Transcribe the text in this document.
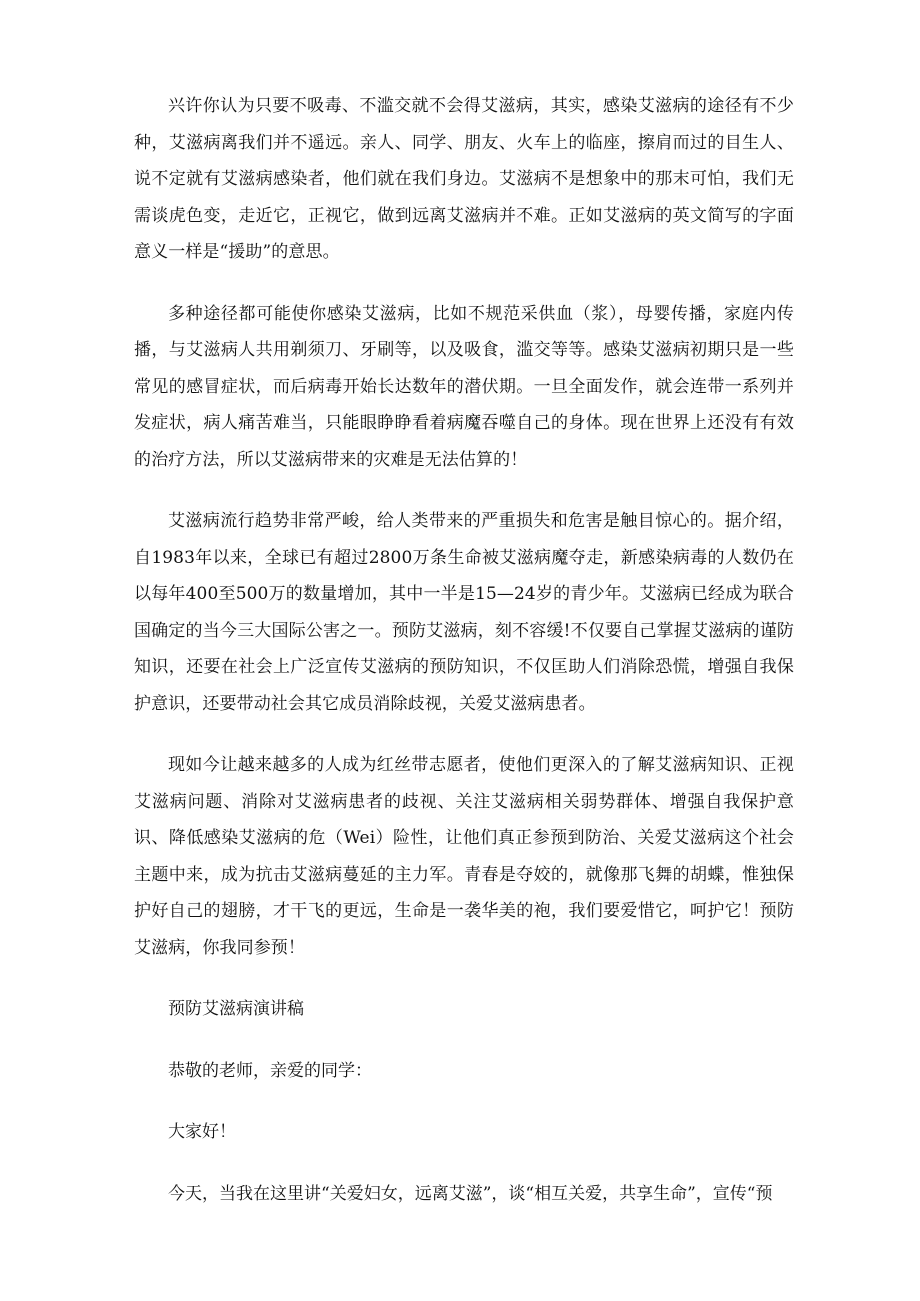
兴许你认为只要不吸毒、不滥交就不会得艾滋病，其实，感染艾滋病的途径有不少种，艾滋病离我们并不遥远。亲人、同学、朋友、火车上的临座，擦肩而过的目生人、说不定就有艾滋病感染者，他们就在我们身边。艾滋病不是想象中的那末可怕，我们无需谈虎色变，走近它，正视它，做到远离艾滋病并不难。正如艾滋病的英文简写的字面意义一样是“援助”的意思。

多种途径都可能使你感染艾滋病，比如不规范采供血（浆），母婴传播，家庭内传播，与艾滋病人共用剃须刀、牙刷等，以及吸食，滥交等等。感染艾滋病初期只是一些常见的感冒症状，而后病毒开始长达数年的潜伏期。一旦全面发作，就会连带一系列并发症状，病人痛苦难当，只能眼睁睁看着病魔吞噬自己的身体。现在世界上还没有有效的治疗方法，所以艾滋病带来的灾难是无法估算的！

艾滋病流行趋势非常严峻，给人类带来的严重损失和危害是触目惊心的。据介绍，自1983年以来，全球已有超过2800万条生命被艾滋病魔夺走，新感染病毒的人数仍在以每年400至500万的数量增加，其中一半是15—24岁的青少年。艾滋病已经成为联合国确定的当今三大国际公害之一。预防艾滋病，刻不容缓!不仅要自己掌握艾滋病的谨防知识，还要在社会上广泛宣传艾滋病的预防知识，不仅匡助人们消除恐慌，增强自我保护意识，还要带动社会其它成员消除歧视，关爱艾滋病患者。

现如今让越来越多的人成为红丝带志愿者，使他们更深入的了解艾滋病知识、正视艾滋病问题、消除对艾滋病患者的歧视、关注艾滋病相关弱势群体、增强自我保护意识、降低感染艾滋病的危（Wei）险性，让他们真正参预到防治、关爱艾滋病这个社会主题中来，成为抗击艾滋病蔓延的主力军。青春是夺姣的，就像那飞舞的胡蝶，惟独保护好自己的翅膀，才干飞的更远，生命是一袭华美的袍，我们要爱惜它，呵护它！预防艾滋病，你我同参预！

预防艾滋病演讲稿

恭敬的老师，亲爱的同学：

大家好！

今天，当我在这里讲“关爱妇女，远离艾滋”，谈“相互关爱，共享生命”，宣传“预
